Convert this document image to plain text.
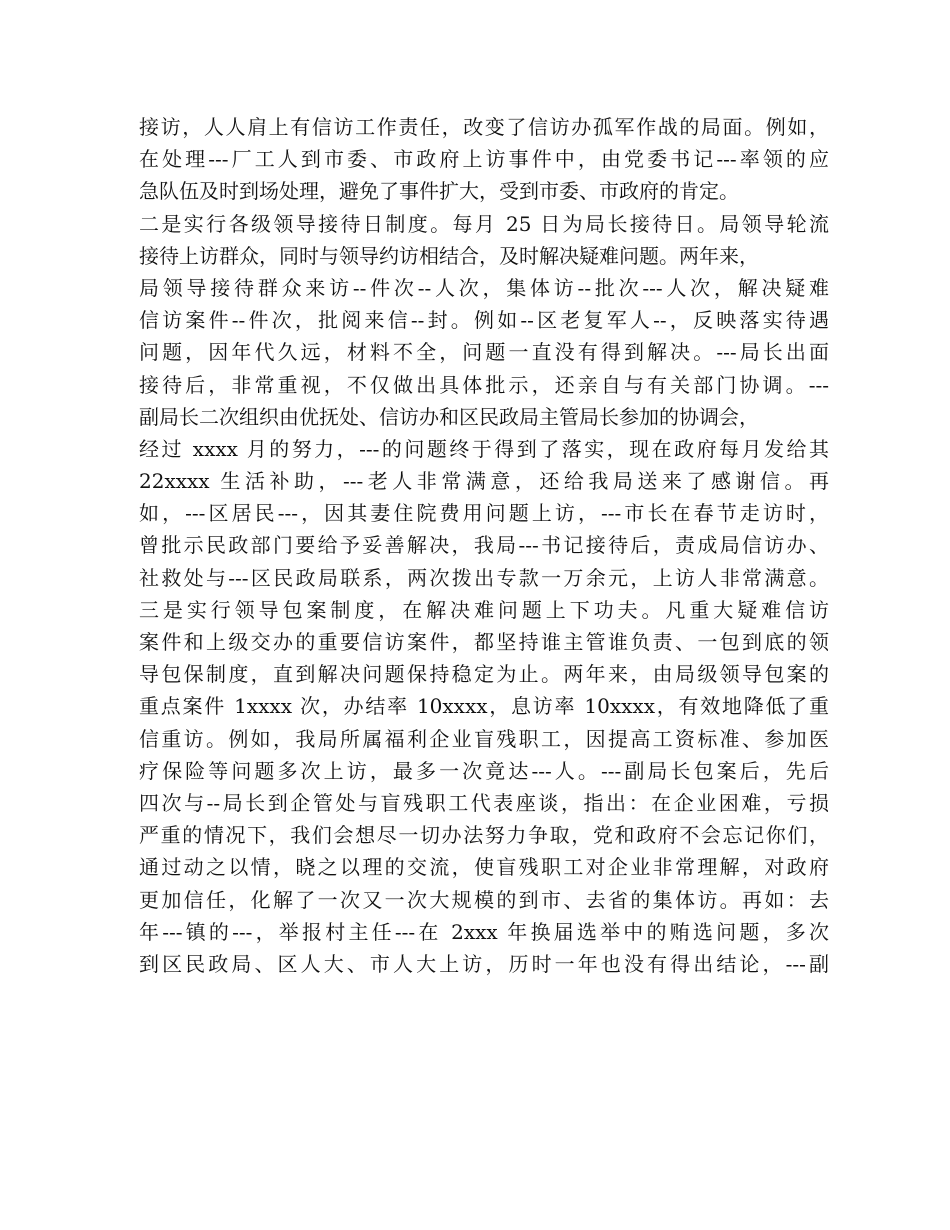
接访，人人肩上有信访工作责任，改变了信访办孤军作战的局面。例如，
在处理---厂工人到市委、市政府上访事件中，由党委书记---率领的应
急队伍及时到场处理，避免了事件扩大，受到市委、市政府的肯定。
二是实行各级领导接待日制度。每月 25 日为局长接待日。局领导轮流
接待上访群众，同时与领导约访相结合，及时解决疑难问题。两年来，
局领导接待群众来访--件次--人次，集体访--批次---人次，解决疑难
信访案件--件次，批阅来信--封。例如--区老复军人--，反映落实待遇
问题，因年代久远，材料不全，问题一直没有得到解决。---局长出面
接待后，非常重视，不仅做出具体批示，还亲自与有关部门协调。---
副局长二次组织由优抚处、信访办和区民政局主管局长参加的协调会，
经过 xxxx 月的努力，---的问题终于得到了落实，现在政府每月发给其
22xxxx 生活补助，---老人非常满意，还给我局送来了感谢信。再
如，---区居民---，因其妻住院费用问题上访，---市长在春节走访时，
曾批示民政部门要给予妥善解决，我局---书记接待后，责成局信访办、
社救处与---区民政局联系，两次拨出专款一万余元，上访人非常满意。
三是实行领导包案制度，在解决难问题上下功夫。凡重大疑难信访
案件和上级交办的重要信访案件，都坚持谁主管谁负责、一包到底的领
导包保制度，直到解决问题保持稳定为止。两年来，由局级领导包案的
重点案件 1xxxx 次，办结率 10xxxx，息访率 10xxxx，有效地降低了重
信重访。例如，我局所属福利企业盲残职工，因提高工资标准、参加医
疗保险等问题多次上访，最多一次竟达---人。---副局长包案后，先后
四次与--局长到企管处与盲残职工代表座谈，指出：在企业困难，亏损
严重的情况下，我们会想尽一切办法努力争取，党和政府不会忘记你们，
通过动之以情，晓之以理的交流，使盲残职工对企业非常理解，对政府
更加信任，化解了一次又一次大规模的到市、去省的集体访。再如：去
年---镇的---，举报村主任---在 2xxx 年换届选举中的贿选问题，多次
到区民政局、区人大、市人大上访，历时一年也没有得出结论，---副
